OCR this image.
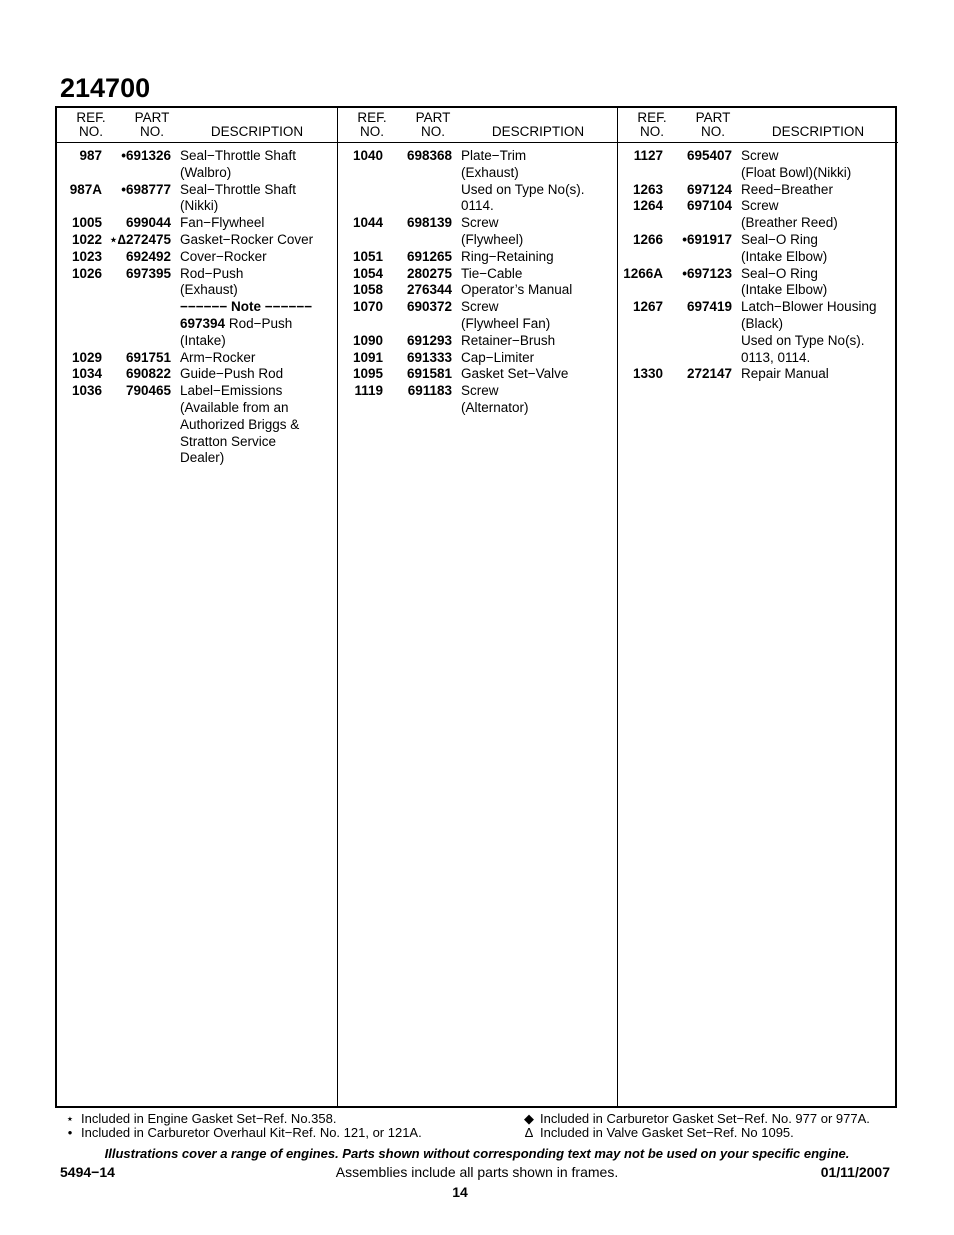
214700
REF.
NO.
PART
NO.	DESCRIPTION
987	•691326 Seal−Throttle Shaft
(Walbro)
987A	•698777 Seal−Throttle Shaft
(Nikki)
1005	699044 Fan−Flywheel
1022 ⋆∆272475 Gasket−Rocker Cover
1023	692492 Cover−Rocker
1026	697395 Rod−Push
(Exhaust)
−−−−−− Note −−−−−−
697394 Rod−Push
(Intake)
1029	691751 Arm−Rocker
1034	690822 Guide−Push Rod
1036	790465 Label−Emissions
(Available from an
Authorized Briggs &
Stratton Service
Dealer)
REF.
NO.
PART
NO.	DESCRIPTION
1040	698368 Plate−Trim
(Exhaust)
Used on Type No(s).
0114.
1044	698139 Screw
(Flywheel)
1051	691265 Ring−Retaining
1054	280275 Tie−Cable
1058	276344 Operator’s Manual
1070	690372 Screw
(Flywheel Fan)
1090	691293 Retainer−Brush
1091	691333 Cap−Limiter
1095	691581 Gasket Set−Valve
1119	691183 Screw
(Alternator)
REF.
NO.
PART
NO.	DESCRIPTION
1127	695407 Screw
(Float Bowl)(Nikki)
1263	697124 Reed−Breather
1264	697104 Screw
(Breather Reed)
1266	•691917 Seal−O Ring
(Intake Elbow)
1266A	•697123 Seal−O Ring
(Intake Elbow)
1267	697419 Latch−Blower Housing
(Black)
Used on Type No(s).
0113, 0114.
1330	272147 Repair Manual
⋆ Included in Engine Gasket Set−Ref. No.358.
• Included in Carburetor Overhaul Kit−Ref. No. 121, or 121A.
◆ Included in Carburetor Gasket Set−Ref. No. 977 or 977A.
∆ Included in Valve Gasket Set−Ref. No 1095.
Illustrations cover a range of engines. Parts shown without corresponding text may not be used on your specific engine.
Assemblies include all parts shown in frames.
5494−14	01/11/2007
14
